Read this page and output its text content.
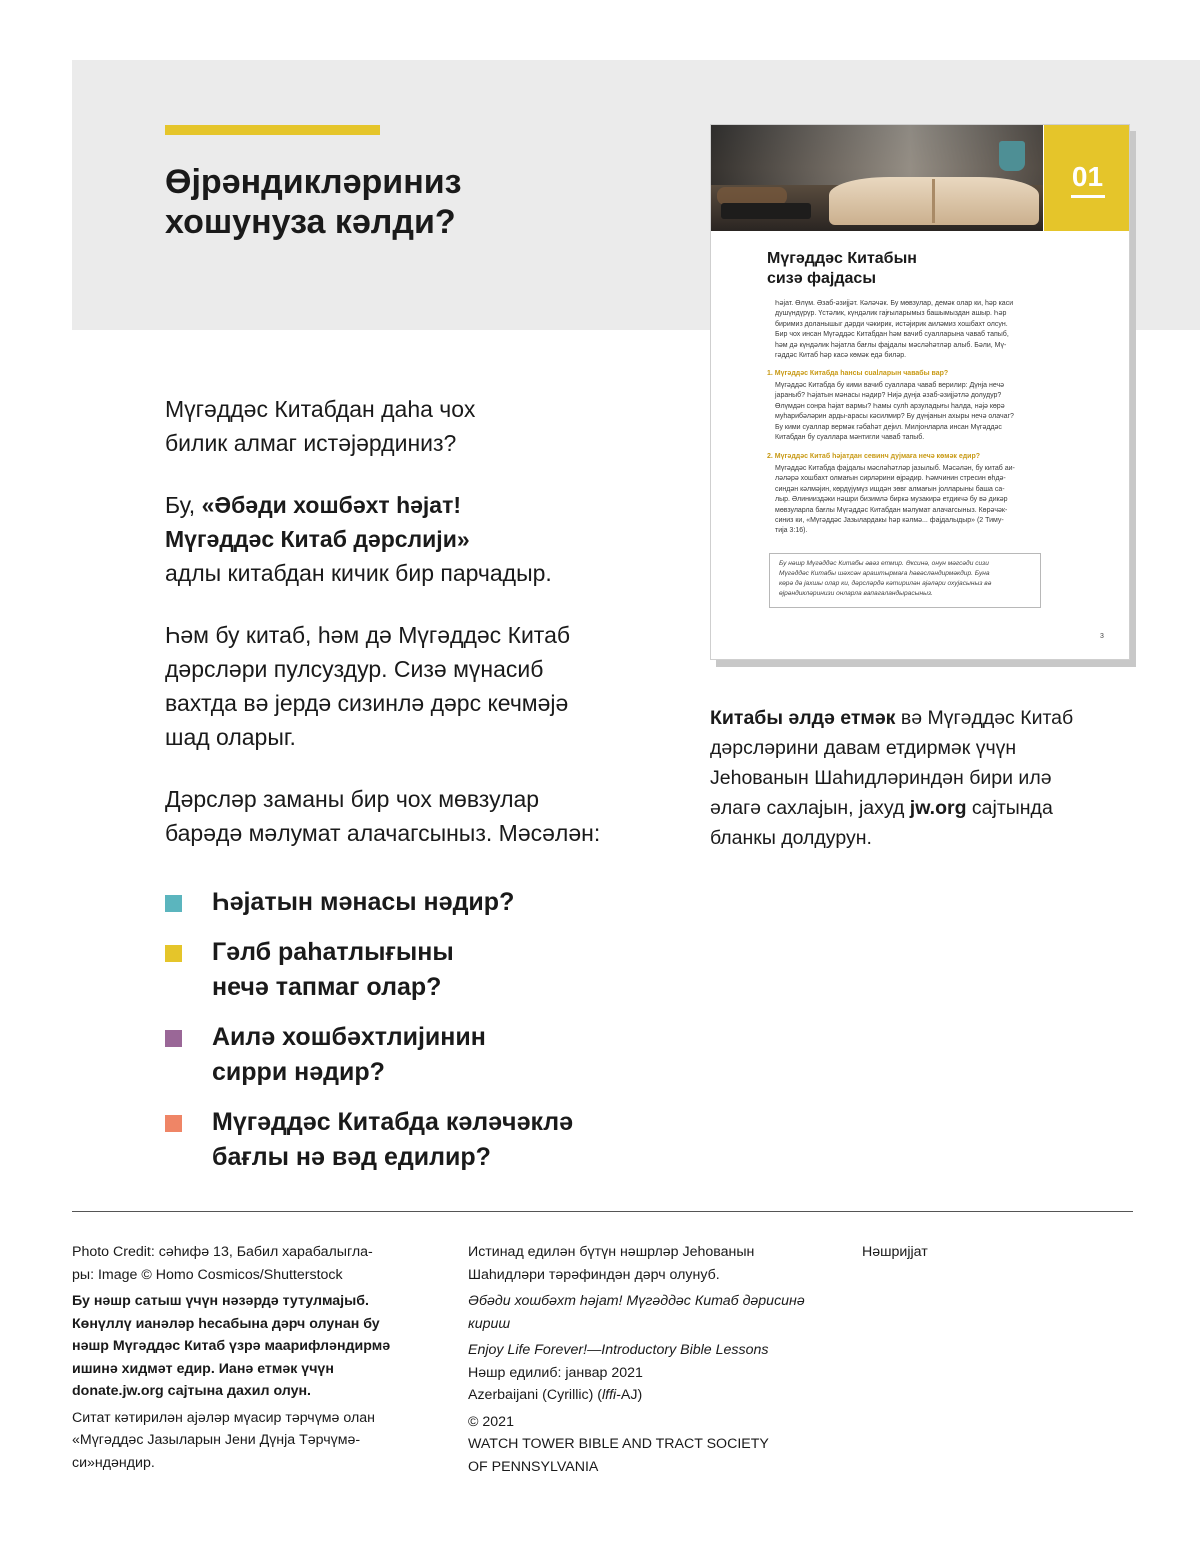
Өјрәндикләриниз
хошунуза кәлди?

Мүгәддәс Китабдан даһа чох
билик алмаг истәјәрдиниз?

Бу, «Әбәди хошбәхт һәјат!
Мүгәддәс Китаб дәрслији»
адлы китабдан кичик бир парчадыр.

Һәм бу китаб, һәм дә Мүгәддәс Китаб
дәрсләри пулсуздур. Сизә мүнасиб
вахтда вә јердә сизинлә дәрс кечмәјә
шад оларыг.

Дәрсләр заманы бир чох мөвзулар
барәдә мәлумат алачагсыныз. Мәсәлән:

Һәјатын мәнасы нәдир?
Гәлб раһатлығыны
нечә тапмаг олар?
Аилә хошбәхтлијинин
сирри нәдир?
Мүгәддәс Китабда кәләчәклә
бағлы нә вәд едилир?
01
Мүгәддәс Китабын
сизә фајдасы
Һәјат. Өлүм. Әзаб-әзијјәт. Кәләчәк. Бу мөвзулар, демәк олар ки, һәр каси
душүндүрүр. Үстәлик, күндәлик гајғыларымыз башымыздан ашыр. Һәр
биримиз доланышыг дәрди чәкирик, истәјирик аиләмиз хошбахт олсун.
Бир чох инсан Мүгәддәс Китабдан һәм вачиб суалларына чаваб тапыб,
һәм дә күндәлик һәјатла бағлы фајдалы мәсләһәтләр алыб. Бәли, Мү-
гәддәс Китаб һәр касә көмәк едә биләр.
1. Мүгәддәс Китабда һансы сualларын чавабы вар?
Мүгәддәс Китабда бу кими вачиб суаллара чаваб верилир: Дүнја нечә
јараныб? Һәјатын мәнасы нәдир? Нијә дүнја әзаб-әзијјәтлә долудур?
Өлүмдән сонра һәјат вармы? Һамы сулһ арзуладығы һалда, нәјә көрә
муһарибәләрин арды-арасы кәсилмир? Бу дүнјанын ахыры нечә олачаг?
Бу кими суаллар вермәк гәбаһәт дејил. Милјонларла инсан Мүгәддәс
Китабдан бу суаллара мәнтигли чаваб тапыб.
2. Мүгәддәс Китаб һәјатдан севинч дујмаға нечә көмәк едир?
Мүгәддәс Китабда фајдалы мәсләһәтләр јазылыб. Мәсәлән, бу китаб аи-
ләләрә хошбахт олмағын сирләрини өјрәдир. Һәмчинин стресин өһдә-
синдән кәлмәјин, көрдүјүмүз ишдән зөвг алмағын јолларыны баша са-
лыр. Әлинииздәки нәшри бизимлә биркә музакирә етдикчә бу вә дикәр
мөвзуларла бағлы Мүгәддәс Китабдан мәлумат алачагсыныз. Көрәчәк-
синиз ки, «Мүгәддәс Јазылардакы һәр кәлмә... фајдалыдыр» (2 Тиму-
тија 3:16).
Бу нәшр Мүгәддәс Китабы әвәз етмир. Әксинә, онун мәгсәди сизи
Мүгәддәс Китабы шәхсән араштырмаға һәвәсләндирмәкдир. Буна
көрә дә јахшы олар ки, дәрсләрдә кәтирилән ајәләри охујасыныз вә
өјрәндикләринизи онларла вапагаландырасыныз.
3
Китабы әлдә етмәк вә Мүгәддәс Китаб
дәрсләрини давам етдирмәк үчүн
Јеһованын Шаһидләриндән бири илә
әлагә сахлајын, јахуд jw.org сајтында
бланкы долдурун.
Photo Credit: сәһифә 13, Бабил харабалыгла-
ры: Image © Homo Cosmicos/Shutterstock
Бу нәшр сатыш үчүн нәзәрдә тутулмајыб.
Көнүллү ианәләр һесабына дәрч олунан бу
нәшр Мүгәддәс Китаб үзрә маарифләндирмә
ишинә хидмәт едир. Ианә етмәк үчүн
donate.jw.org сајтына дахил олун.
Ситат кәтирилән ајәләр мүасир тәрчүмә олан
«Мүгәддәс Јазыларын Јени Дүнја Тәрчүмә-
си»ндәндир.
Истинад едилән бүтүн нәшрләр Јеһованын
Шаһидләри тәрәфиндән дәрч олунуб.
Әбәди хошбәхт һәјат! Мүгәддәс Китаб дәрисинә
кириш
Enjoy Life Forever!—Introductory Bible Lessons
Нәшр едилиб: јанвар 2021
Azerbaijani (Cyrillic) (lffi-AJ)
© 2021
WATCH TOWER BIBLE AND TRACT SOCIETY
OF PENNSYLVANIA
Нәшријјат
